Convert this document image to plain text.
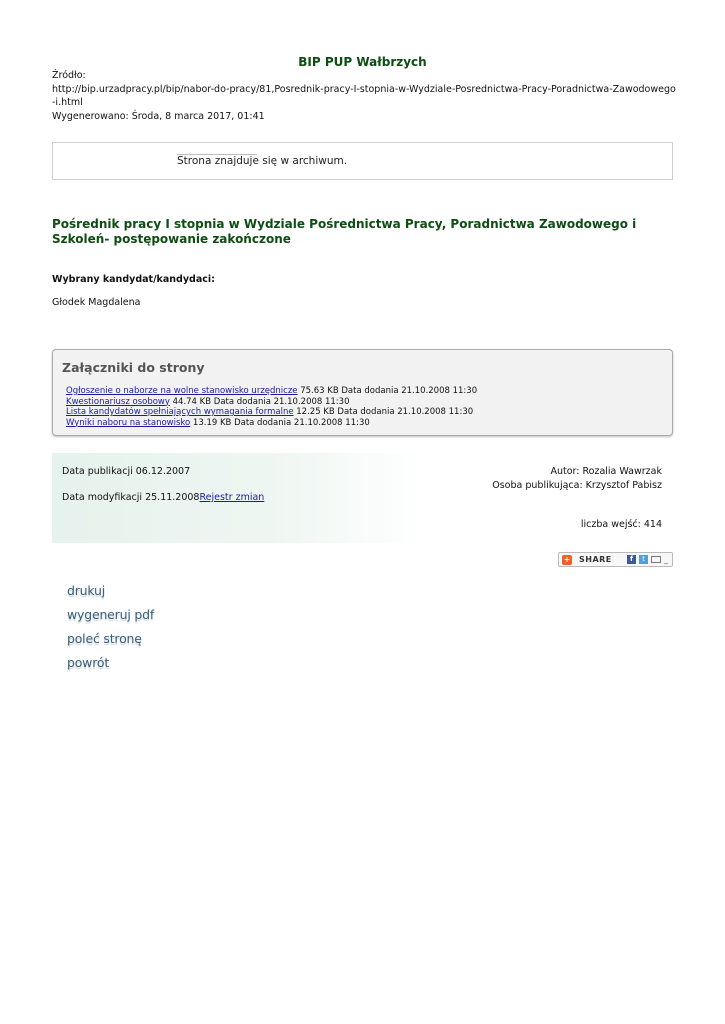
BIP PUP Wałbrzych
Źródło:
http://bip.urzadpracy.pl/bip/nabor-do-pracy/81,Posrednik-pracy-I-stopnia-w-Wydziale-Posrednictwa-Pracy-Poradnictwa-Zawodowego-i.html
Wygenerowano: Środa, 8 marca 2017, 01:41
Strona znajduje się w archiwum.
Pośrednik pracy I stopnia w Wydziale Pośrednictwa Pracy, Poradnictwa Zawodowego i Szkoleń- postępowanie zakończone
Wybrany kandydat/kandydaci:
Głodek Magdalena
Załączniki do strony
Ogłoszenie o naborze na wolne stanowisko urzędnicze 75.63 KB Data dodania 21.10.2008 11:30
Kwestionariusz osobowy 44.74 KB Data dodania 21.10.2008 11:30
Lista kandydatów spełniających wymagania formalne 12.25 KB Data dodania 21.10.2008 11:30
Wyniki naboru na stanowisko 13.19 KB Data dodania 21.10.2008 11:30
Data publikacji 06.12.2007
Data modyfikacji 25.11.2008Rejestr zmian
Autor: Rozalia Wawrzak
Osoba publikująca: Krzysztof Pabisz
liczba wejść: 414
+ SHARE	f	t	_
drukuj
wygeneruj pdf
poleć stronę
powrót
